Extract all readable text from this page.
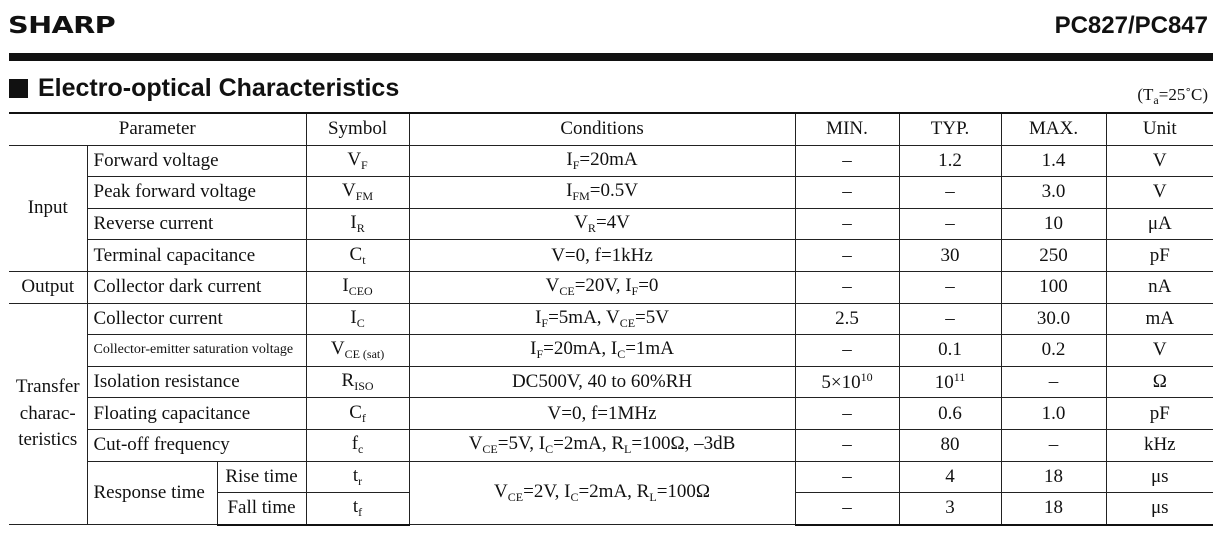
SHARP	PC827/PC847
Electro-optical Characteristics	$(T_a=25˚C)$
Parameter			Symbol	Conditions	MIN.	TYP.	MAX.	Unit
Input	Forward voltage		$V_F$	$I_F=20mA$	–	1.2	1.4	V
	Peak forward voltage		$V_{FM}$	$I_{FM}=0.5V$	–	–	3.0	V
	Reverse current		$I_R$	$V_R=4V$	–	–	10	μA
	Terminal capacitance		$C_t$	V=0, f=1kHz	–	30	250	pF
Output	Collector dark current		$I_{CEO}$	$V_{CE}=20V$, $I_F=0$	–	–	100	nA
Transfer
charac-
teristics	Collector current		$I_C$	$I_F=5mA$, $V_{CE}=5V$	2.5	–	30.0	mA
	Collector-emitter saturation voltage		$V_{CE (sat)}$	$I_F=20mA$, $I_C=1mA$	–	0.1	0.2	V
	Isolation resistance		$R_{ISO}$	DC500V, 40 to 60%RH	$5\times 10^{10}$	$10^{11}$	–	Ω
	Floating capacitance		$C_f$	V=0, f=1MHz	–	0.6	1.0	pF
	Cut-off frequency		$f_c$	$V_{CE}=5V$, $I_C=2mA$, $R_L=100\Omega$, –3dB	–	80	–	kHz
	Response time	Rise time	$t_r$	$V_{CE}=2V$, $I_C=2mA$, $R_L=100\Omega$	–	4	18	μs
		Fall time	$t_f$		–	3	18	μs
